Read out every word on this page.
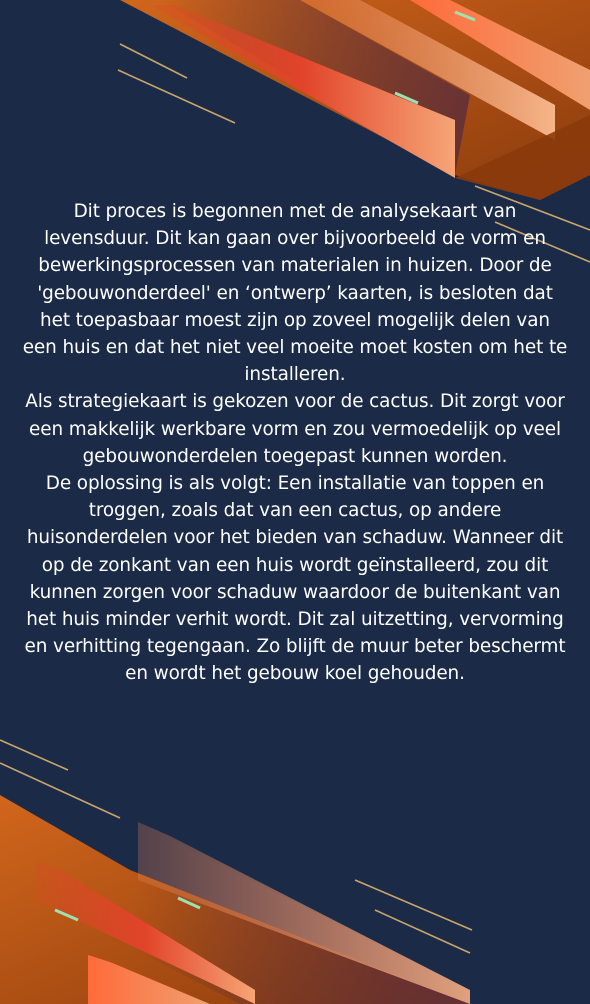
Dit proces is begonnen met de analysekaart van levensduur. Dit kan gaan over bijvoorbeeld de vorm en bewerkingsprocessen van materialen in huizen. Door de 'gebouwonderdeel' en ‘ontwerp’ kaarten, is besloten dat het toepasbaar moest zijn op zoveel mogelijk delen van een huis en dat het niet veel moeite moet kosten om het te installeren.

Als strategiekaart is gekozen voor de cactus. Dit zorgt voor een makkelijk werkbare vorm en zou vermoedelijk op veel gebouwonderdelen toegepast kunnen worden.

De oplossing is als volgt: Een installatie van toppen en troggen, zoals dat van een cactus, op andere huisonderdelen voor het bieden van schaduw. Wanneer dit op de zonkant van een huis wordt geïnstalleerd, zou dit kunnen zorgen voor schaduw waardoor de buitenkant van het huis minder verhit wordt. Dit zal uitzetting, vervorming en verhitting tegengaan. Zo blijft de muur beter beschermt en wordt het gebouw koel gehouden.
